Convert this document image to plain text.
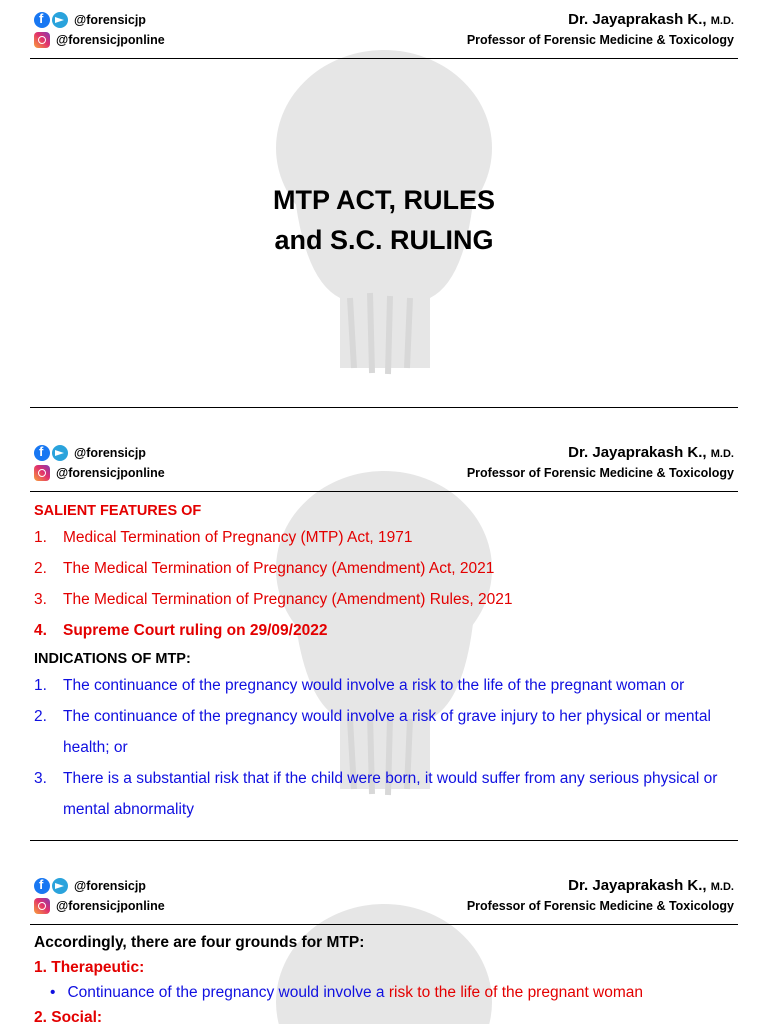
f
@forensicjp
@forensicjponline
Dr. Jayaprakash K., M.D.
Professor of Forensic Medicine & Toxicology
MTP ACT, RULES
and S.C. RULING
f
@forensicjp
@forensicjponline
Dr. Jayaprakash K., M.D.
Professor of Forensic Medicine & Toxicology
SALIENT FEATURES OF
1. Medical Termination of Pregnancy (MTP) Act, 1971
2. The Medical Termination of Pregnancy (Amendment) Act, 2021
3. The Medical Termination of Pregnancy (Amendment) Rules, 2021
4. Supreme Court ruling on 29/09/2022
INDICATIONS OF MTP:
1. The continuance of the pregnancy would involve a risk to the life of the pregnant woman or
2. The continuance of the pregnancy would involve a risk of grave injury to her physical or mental health; or
3. There is a substantial risk that if the child were born, it would suffer from any serious physical or mental abnormality
f
@forensicjp
@forensicjponline
Dr. Jayaprakash K., M.D.
Professor of Forensic Medicine & Toxicology
Accordingly, there are four grounds for MTP:
1. Therapeutic:
• Continuance of the pregnancy would involve a risk to the life of the pregnant woman
2. Social:
